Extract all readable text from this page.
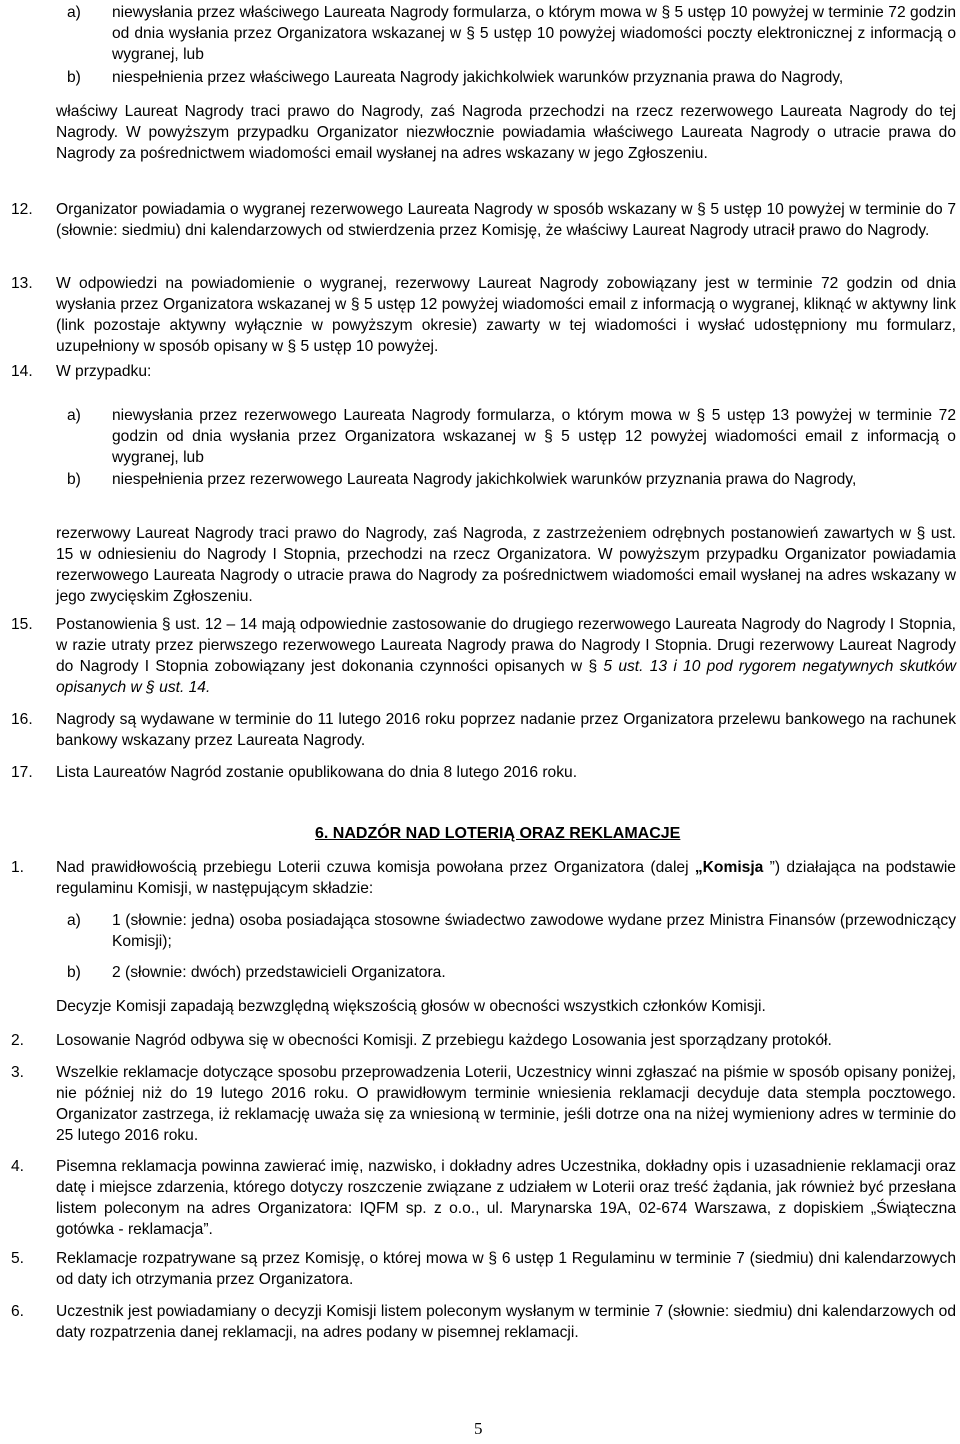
a) niewysłania przez właściwego Laureata Nagrody formularza, o którym mowa w § 5 ustęp 10 powyżej w terminie 72 godzin od dnia wysłania przez Organizatora wskazanej w § 5 ustęp 10 powyżej wiadomości poczty elektronicznej z informacją o wygranej, lub
b) niespełnienia przez właściwego Laureata Nagrody jakichkolwiek warunków przyznania prawa do Nagrody,
właściwy Laureat Nagrody traci prawo do Nagrody, zaś Nagroda przechodzi na rzecz rezerwowego Laureata Nagrody do tej Nagrody. W powyższym przypadku Organizator niezwłocznie powiadamia właściwego Laureata Nagrody o utracie prawa do Nagrody za pośrednictwem wiadomości email wysłanej na adres wskazany w jego Zgłoszeniu.
12. Organizator powiadamia o wygranej rezerwowego Laureata Nagrody w sposób wskazany w § 5 ustęp 10 powyżej w terminie do 7 (słownie: siedmiu) dni kalendarzowych od stwierdzenia przez Komisję, że właściwy Laureat Nagrody utracił prawo do Nagrody.
13. W odpowiedzi na powiadomienie o wygranej, rezerwowy Laureat Nagrody zobowiązany jest w terminie 72 godzin od dnia wysłania przez Organizatora wskazanej w § 5 ustęp 12 powyżej wiadomości email z informacją o wygranej, kliknąć w aktywny link (link pozostaje aktywny wyłącznie w powyższym okresie) zawarty w tej wiadomości i wysłać udostępniony mu formularz, uzupełniony w sposób opisany w § 5 ustęp 10 powyżej.
14. W przypadku:
a) niewysłania przez rezerwowego Laureata Nagrody formularza, o którym mowa w § 5 ustęp 13 powyżej w terminie 72 godzin od dnia wysłania przez Organizatora wskazanej w § 5 ustęp 12 powyżej wiadomości email z informacją o wygranej, lub
b) niespełnienia przez rezerwowego Laureata Nagrody jakichkolwiek warunków przyznania prawa do Nagrody,
rezerwowy Laureat Nagrody traci prawo do Nagrody, zaś Nagroda, z zastrzeżeniem odrębnych postanowień zawartych w § ust. 15 w odniesieniu do Nagrody I Stopnia, przechodzi na rzecz Organizatora. W powyższym przypadku Organizator powiadamia rezerwowego Laureata Nagrody o utracie prawa do Nagrody za pośrednictwem wiadomości email wysłanej na adres wskazany w jego zwycięskim Zgłoszeniu.
15. Postanowienia § ust. 12 – 14 mają odpowiednie zastosowanie do drugiego rezerwowego Laureata Nagrody do Nagrody I Stopnia, w razie utraty przez pierwszego rezerwowego Laureata Nagrody prawa do Nagrody I Stopnia. Drugi rezerwowy Laureat Nagrody do Nagrody I Stopnia zobowiązany jest dokonania czynności opisanych w § 5 ust. 13 i 10 pod rygorem negatywnych skutków opisanych w § ust. 14.
16. Nagrody są wydawane w terminie do 11 lutego 2016 roku poprzez nadanie przez Organizatora przelewu bankowego na rachunek bankowy wskazany przez Laureata Nagrody.
17. Lista Laureatów Nagród zostanie opublikowana do dnia 8 lutego 2016 roku.
6. NADZÓR NAD LOTERIĄ ORAZ REKLAMACJE
1. Nad prawidłowością przebiegu Loterii czuwa komisja powołana przez Organizatora (dalej „Komisja ”) działająca na podstawie regulaminu Komisji, w następującym składzie:
a) 1 (słownie: jedna) osoba posiadająca stosowne świadectwo zawodowe wydane przez Ministra Finansów (przewodniczący Komisji);
b) 2 (słownie: dwóch) przedstawicieli Organizatora.
Decyzje Komisji zapadają bezwzględną większością głosów w obecności wszystkich członków Komisji.
2. Losowanie Nagród odbywa się w obecności Komisji. Z przebiegu każdego Losowania jest sporządzany protokół.
3. Wszelkie reklamacje dotyczące sposobu przeprowadzenia Loterii, Uczestnicy winni zgłaszać na piśmie w sposób opisany poniżej, nie później niż do 19 lutego 2016 roku. O prawidłowym terminie wniesienia reklamacji decyduje data stempla pocztowego. Organizator zastrzega, iż reklamację uważa się za wniesioną w terminie, jeśli dotrze ona na niżej wymieniony adres w terminie do 25 lutego 2016 roku.
4. Pisemna reklamacja powinna zawierać imię, nazwisko, i dokładny adres Uczestnika, dokładny opis i uzasadnienie reklamacji oraz datę i miejsce zdarzenia, którego dotyczy roszczenie związane z udziałem w Loterii oraz treść żądania, jak również być przesłana listem poleconym na adres Organizatora: IQFM sp. z o.o., ul. Marynarska 19A, 02-674 Warszawa, z dopiskiem „Świąteczna gotówka - reklamacja”.
5. Reklamacje rozpatrywane są przez Komisję, o której mowa w § 6 ustęp 1 Regulaminu w terminie 7 (siedmiu) dni kalendarzowych od daty ich otrzymania przez Organizatora.
6. Uczestnik jest powiadamiany o decyzji Komisji listem poleconym wysłanym w terminie 7 (słownie: siedmiu) dni kalendarzowych od daty rozpatrzenia danej reklamacji, na adres podany w pisemnej reklamacji.
5
